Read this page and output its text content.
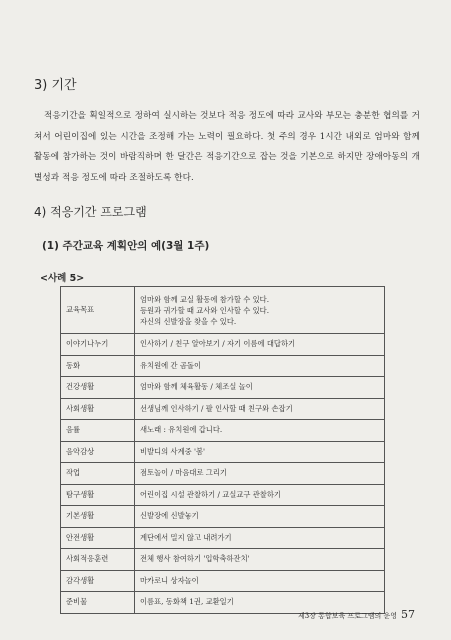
3) 기간
적응기간을 획일적으로 정하여 실시하는 것보다 적응 정도에 따라 교사와 부모는 충분한 협의를 거쳐서 어린이집에 있는 시간을 조정해 가는 노력이 필요하다. 첫 주의 경우 1시간 내외로 엄마와 함께 활동에 참가하는 것이 바람직하며 한 달간은 적응기간으로 잡는 것을 기본으로 하지만 장애아동의 개별성과 적응 정도에 따라 조절하도록 한다.
4) 적응기간 프로그램
(1) 주간교육 계획안의 예(3월 1주)
<사례 5>
교육목표	엄마와 함께 교실 활동에 참가할 수 있다.
등원과 귀가할 때 교사와 인사할 수 있다.
자신의 신발장을 찾을 수 있다.

이야기나누기	인사하기 / 친구 알아보기 / 자기 이름에 대답하기
동화	유치원에 간 곰돌이
건강생활	엄마와 함께 체육활동 / 체조실 놀이
사회생활	선생님께 인사하기 / 팔 인사할 때 친구와 손잡기
음률	새노래 : 유치원에 갑니다.
음악감상	비발디의 사계중 '봄'
작업	점토놀이 / 마음대로 그리기
탐구생활	어린이집 시설 관찰하기 / 교실교구 관찰하기
기본생활	신발장에 신발놓기
안전생활	계단에서 밀지 않고 내려가기
사회적응훈련	전체 행사 참여하기 '입학축하잔치'
감각생활	마카로니 상자놀이
준비물	이름표, 동화책 1권, 교환일기
제3장 통합보육 프로그램의 운영 57
